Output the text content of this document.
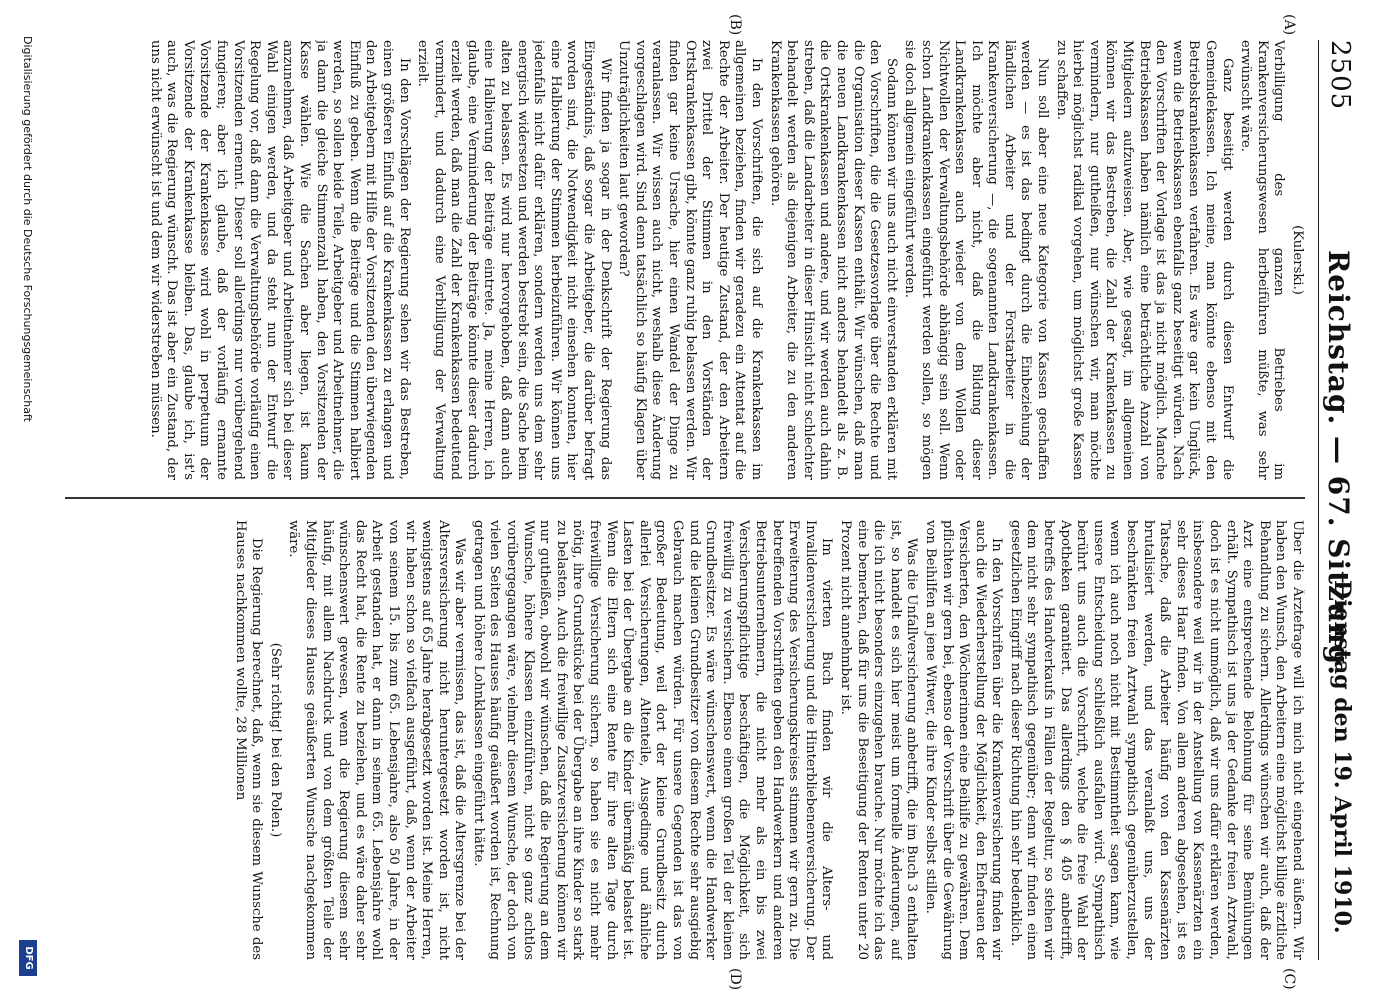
2505
Reichstag. — 67. Sitzung.
Dienstag den 19. April 1910.
(A)
(B)
(C)
(D)

(Kulerski.)

Verbilligung des ganzen Betriebes im Krankenversicherungswesen herbeiführen müßte, was sehr erwünscht wäre.

Ganz beseitigt werden durch diesen Entwurf die Gemeindekassen. Ich meine, man könnte ebenso mit den Betriebskrankenkassen verfahren. Es wäre gar kein Unglück, wenn die Betriebskassen ebenfalls ganz beseitigt würden. Nach den Vorschriften der Vorlage ist das ja nicht möglich. Manche Betriebskassen haben nämlich eine beträchtliche Anzahl von Mitgliedern aufzuweisen. Aber, wie gesagt, im allgemeinen können wir das Bestreben, die Zahl der Krankenkassen zu vermindern, nur gutheißen, nur wünschen wir, man möchte hierbei möglichst radikal vorgehen, um möglichst große Kassen zu schaffen.

Nun soll aber eine neue Kategorie von Kassen geschaffen werden — es ist das bedingt durch die Einbeziehung der ländlichen Arbeiter und der Forstarbeiter in die Krankenversicherung —, die sogenannten Landkrankenkassen. Ich möchte aber nicht, daß die Bildung dieser Landkrankenkassen auch wieder von dem Wollen oder Nichtwollen der Verwaltungsbehörde abhängig sein soll. Wenn schon Landkrankenkassen eingeführt werden sollen, so mögen sie doch allgemein eingeführt werden.

Sodann können wir uns auch nicht einverstanden erklären mit den Vorschriften, die die Gesetzesvorlage über die Rechte und die Organisation dieser Kassen enthält. Wir wünschen, daß man die neuen Landkrankenkassen nicht anders behandelt als z. B. die Ortskrankenkassen und andere, und wir werden auch dahin streben, daß die Landarbeiter in dieser Hinsicht nicht schlechter behandelt werden als diejenigen Arbeiter, die zu den anderen Krankenkassen gehören.

In den Vorschriften, die sich auf die Krankenkassen im allgemeinen beziehen, finden wir geradezu ein Attentat auf die Rechte der Arbeiter. Der heutige Zustand, der den Arbeitern zwei Drittel der Stimmen in den Vorständen der Ortskrankenkassen gibt, könnte ganz ruhig belassen werden. Wir finden gar keine Ursache, hier einen Wandel der Dinge zu veranlassen. Wir wissen auch nicht, weshalb diese Änderung vorgeschlagen wird. Sind denn tatsächlich so häufig Klagen über Unzuträglichkeiten laut geworden?

Wir finden ja sogar in der Denkschrift der Regierung das Eingeständnis, daß sogar die Arbeitgeber, die darüber befragt worden sind, die Notwendigkeit nicht einsehen konnten, hier eine Halbierung der Stimmen herbeizuführen. Wir können uns jedenfalls nicht dafür erklären, sondern werden uns dem sehr energisch widersetzen und werden bestrebt sein, die Sache beim alten zu belassen. Es wird nur hervorgehoben, daß dann auch eine Halbierung der Beiträge eintrete. Ja, meine Herren, ich glaube, eine Verminderung der Beiträge könnte dieser dadurch erzielt werden, daß man die Zahl der Krankenkassen bedeutend vermindert, und dadurch eine Verbilligung der Verwaltung erzielt.

In den Vorschlägen der Regierung sehen wir das Bestreben, einen größeren Einfluß auf die Krankenkassen zu erlangen und den Arbeitgebern mit Hilfe der Vorsitzenden den überwiegenden Einfluß zu geben. Wenn die Beiträge und die Stimmen halbiert werden, so sollen beide Teile, Arbeitgeber und Arbeitnehmer, die ja dann die gleiche Stimmenzahl haben, den Vorsitzenden der Kasse wählen. Wie die Sachen aber liegen, ist kaum anzunehmen, daß Arbeitgeber und Arbeitnehmer sich bei dieser Wahl einigen werden, und da steht nun der Entwurf die Regelung vor, daß dann die Verwaltungsbehörde vorläufig einen Vorsitzenden ernennt. Dieser soll allerdings nur vorübergehend fungieren; aber ich glaube, daß der vorläufig ernannte Vorsitzende der Krankenkasse wird wohl in perpetuum der Vorsitzende der Krankenkasse bleiben. Das, glaube ich, ist's auch, was die Regierung wünscht. Das ist aber ein Zustand, der uns nicht erwünscht ist und dem wir widerstreben müssen.

Über die Ärztefrage will ich mich nicht eingehend äußern. Wir haben den Wunsch, den Arbeitern eine möglichst billige ärztliche Behandlung zu sichern. Allerdings wünschen wir auch, daß der Arzt eine entsprechende Belohnung für seine Bemühungen erhält. Sympathisch ist uns ja der Gedanke der freien Arztwahl, doch ist es nicht unmöglich, daß wir uns dafür erklären werden, insbesondere weil wir in der Anstellung von Kassenärzten ein sehr dieses Haar finden. Von allem anderen abgesehen, ist es Tatsache, daß die Arbeiter häufig von den Kassenärzten brutalisiert werden, und das veranlaßt uns, uns der beschränkten freien Arztwahl sympathisch gegenüberzustellen, wenn ich auch noch nicht mit Bestimmtheit sagen kann, wie unsere Entscheidung schließlich ausfallen wird. Sympathisch berührt uns auch die Vorschrift, welche die freie Wahl der Apotheken garantiert. Das allerdings den § 405 anbetrifft, betreffs des Handverkaufs in Fällen der Regeltur, so stehen wir dem nicht sehr sympathisch gegenüber; denn wir finden einen gesetzlichen Eingriff nach dieser Richtung hin sehr bedenklich.

In den Vorschriften über die Krankenversicherung finden wir auch die Wiederherstellung der Möglichkeit, den Ehefrauen der Versicherten, den Wöchnerinnen eine Beihilfe zu gewähren. Dem pflichten wir gern bei, ebenso der Vorschrift über die Gewährung von Beihilfen an jene Witwer, die ihre Kinder selbst stillen.

Was die Unfallversicherung anbetrifft, die im Buch 3 enthalten ist, so handelt es sich hier meist um formelle Änderungen, auf die ich nicht besonders einzugehen brauche. Nur möchte ich das eine bemerken, daß für uns die Beseitigung der Renten unter 20 Prozent nicht annehmbar ist.

Im vierten Buch finden wir die Alters- und Invalidenversicherung und die Hinterbliebenenversicherung. Der Erweiterung des Versicherungskreises stimmen wir gern zu. Die betreffenden Vorschriften geben den Handwerkern und anderen Betriebsunternehmern, die nicht mehr als ein bis zwei Versicherungspflichtige beschäftigen, die Möglichkeit, sich freiwillig zu versichern. Ebenso einem großen Teil der kleinen Grundbesitzer. Es wäre wünschenswert, wenn die Handwerker und die kleinen Grundbesitzer von diesem Rechte sehr ausgiebig Gebrauch machen würden. Für unsere Gegenden ist das von großer Bedeutung, weil dort der kleine Grundbesitz durch allerlei Versicherungen, Altenteile, Ausgedinge und ähnliche Lasten bei der Übergabe an die Kinder übermäßig belastet ist. Wenn die Eltern sich eine Rente für ihre alten Tage durch freiwillige Versicherung sichern, so haben sie es nicht mehr nötig, ihre Grundstücke bei der Übergabe an ihre Kinder so stark zu belasten. Auch die freiwillige Zusatzversicherung können wir nur gutheißen, obwohl wir wünschen, daß die Regierung an dem Wunsche, höhere Klassen einzuführen, nicht so ganz achtlos vorübergegangen wäre, vielmehr diesem Wunsche, der doch von vielen Seiten des Hauses häufig geäußert worden ist, Rechnung getragen und höhere Lohnklassen eingeführt hätte.

Was wir aber vermissen, das ist, daß die Altersgrenze bei der Altersversicherung nicht heruntergesetzt worden ist, nicht wenigstens auf 65 Jahre herabgesetzt worden ist. Meine Herren, wir haben schon so vielfach ausgeführt, daß, wenn der Arbeiter von seinem 15. bis zum 65. Lebensjahre, also 50 Jahre, in der Arbeit gestanden hat, er dann in seinem 65. Lebensjahre wohl das Recht hat, die Rente zu beziehen, und es wäre daher sehr wünschenswert gewesen, wenn die Regierung diesem sehr häufig, mit allem Nachdruck und von dem größten Teile der Mitglieder dieses Hauses geäußerten Wunsche nachgekommen wäre.

(Sehr richtig! bei den Polen.)

Die Regierung berechnet, daß, wenn sie diesem Wunsche des Hauses nachkommen wollte, 28 Millionen

Digitalisierung gefördert durch die Deutsche Forschungsgemeinschaft
DFG
